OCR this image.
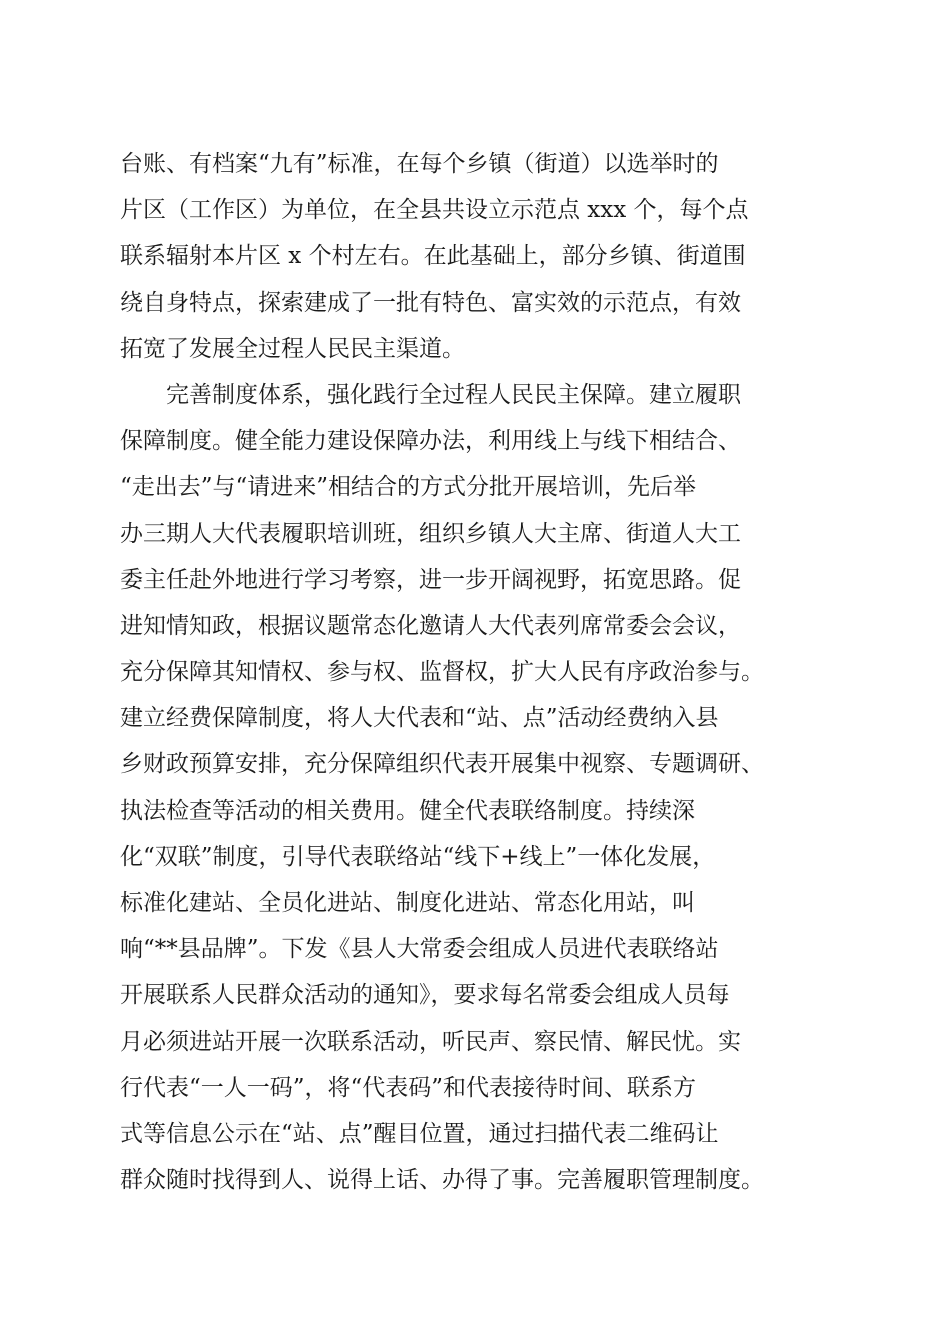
台账、有档案“九有”标准，在每个乡镇（街道）以选举时的
片区（工作区）为单位，在全县共设立示范点 xxx 个，每个点
联系辐射本片区 x 个村左右。在此基础上，部分乡镇、街道围
绕自身特点，探索建成了一批有特色、富实效的示范点，有效
拓宽了发展全过程人民民主渠道。
完善制度体系，强化践行全过程人民民主保障。建立履职
保障制度。健全能力建设保障办法，利用线上与线下相结合、
“走出去”与“请进来”相结合的方式分批开展培训，先后举
办三期人大代表履职培训班，组织乡镇人大主席、街道人大工
委主任赴外地进行学习考察，进一步开阔视野，拓宽思路。促
进知情知政，根据议题常态化邀请人大代表列席常委会会议，
充分保障其知情权、参与权、监督权，扩大人民有序政治参与。
建立经费保障制度，将人大代表和“站、点”活动经费纳入县
乡财政预算安排，充分保障组织代表开展集中视察、专题调研、
执法检查等活动的相关费用。健全代表联络制度。持续深
化“双联”制度，引导代表联络站“线下+线上”一体化发展，
标准化建站、全员化进站、制度化进站、常态化用站，叫
响“**县品牌”。下发《县人大常委会组成人员进代表联络站
开展联系人民群众活动的通知》，要求每名常委会组成人员每
月必须进站开展一次联系活动，听民声、察民情、解民忧。实
行代表“一人一码”，将“代表码”和代表接待时间、联系方
式等信息公示在“站、点”醒目位置，通过扫描代表二维码让
群众随时找得到人、说得上话、办得了事。完善履职管理制度。
